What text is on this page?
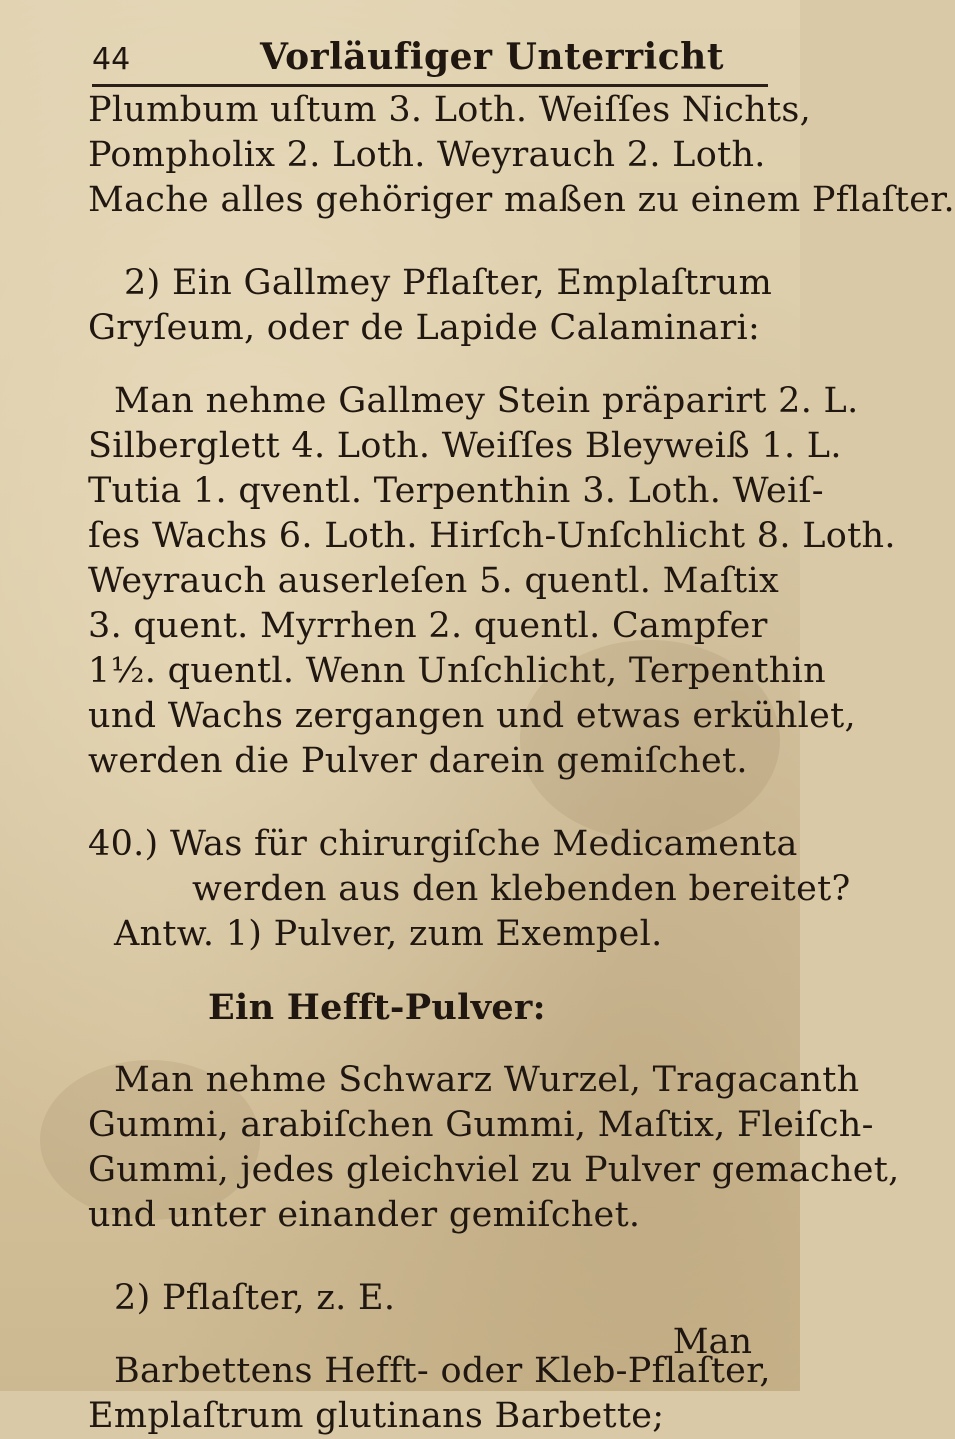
44	Vorläufiger Unterricht
Plumbum uſtum 3. Loth. Weiſſes Nichts,
Pompholix 2. Loth. Weyrauch 2. Loth.
Mache alles gehöriger maßen zu einem Pflaſter.
2) Ein Gallmey Pflaſter, Emplaſtrum
Gryſeum, oder de Lapide Calaminari:
Man nehme Gallmey Stein präparirt 2. L.
Silberglett 4. Loth. Weiſſes Bleyweiß 1. L.
Tutia 1. qventl. Terpenthin 3. Loth. Weiſ-
ſes Wachs 6. Loth. Hirſch-Unſchlicht 8. Loth.
Weyrauch auserleſen 5. quentl. Maſtix
3. quent. Myrrhen 2. quentl. Campfer
1½. quentl. Wenn Unſchlicht, Terpenthin
und Wachs zergangen und etwas erkühlet,
werden die Pulver darein gemiſchet.
40.) Was für chirurgiſche Medicamenta
werden aus den klebenden bereitet?
Antw. 1) Pulver, zum Exempel.
Ein Hefft-Pulver:
Man nehme Schwarz Wurzel, Tragacanth
Gummi, arabiſchen Gummi, Maſtix, Fleiſch-
Gummi, jedes gleichviel zu Pulver gemachet,
und unter einander gemiſchet.
2) Pflaſter, z. E.
Barbettens Hefft- oder Kleb-Pflaſter,
Emplaſtrum glutinans Barbette;
Man
